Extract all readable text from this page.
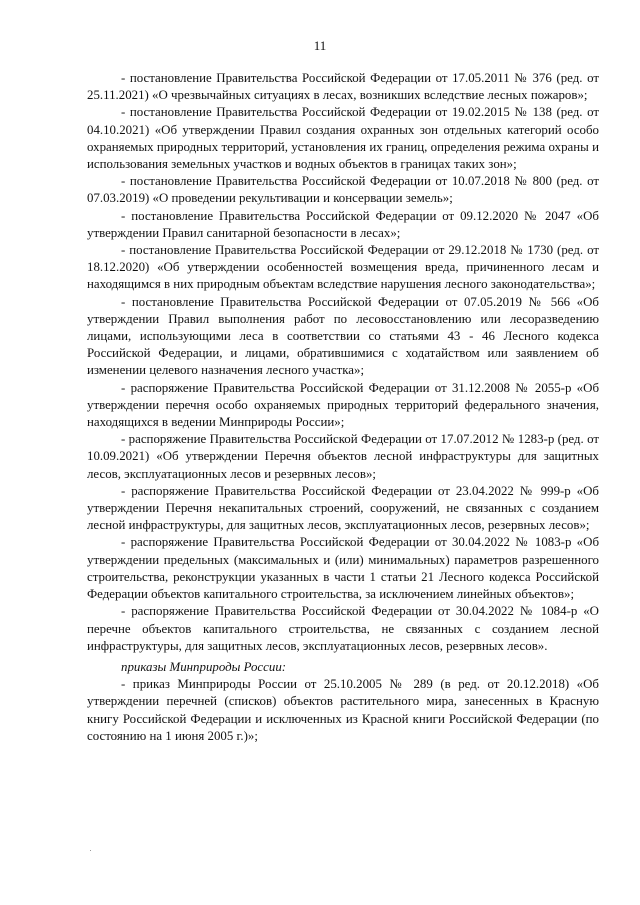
11

- постановление Правительства Российской Федерации от 17.05.2011 № 376 (ред. от 25.11.2021) «О чрезвычайных ситуациях в лесах, возникших вследствие лесных пожаров»;

- постановление Правительства Российской Федерации от 19.02.2015 № 138 (ред. от 04.10.2021) «Об утверждении Правил создания охранных зон отдельных категорий особо охраняемых природных территорий, установления их границ, определения режима охраны и использования земельных участков и водных объектов в границах таких зон»;

- постановление Правительства Российской Федерации от 10.07.2018 № 800 (ред. от 07.03.2019) «О проведении рекультивации и консервации земель»;

- постановление Правительства Российской Федерации от 09.12.2020 № 2047 «Об утверждении Правил санитарной безопасности в лесах»;

- постановление Правительства Российской Федерации от 29.12.2018 № 1730 (ред. от 18.12.2020) «Об утверждении особенностей возмещения вреда, причиненного лесам и находящимся в них природным объектам вследствие нарушения лесного законодательства»;

- постановление Правительства Российской Федерации от 07.05.2019 № 566 «Об утверждении Правил выполнения работ по лесовосстановлению или лесоразведению лицами, использующими леса в соответствии со статьями 43 - 46 Лесного кодекса Российской Федерации, и лицами, обратившимися с ходатайством или заявлением об изменении целевого назначения лесного участка»;

- распоряжение Правительства Российской Федерации от 31.12.2008 № 2055-р «Об утверждении перечня особо охраняемых природных территорий федерального значения, находящихся в ведении Минприроды России»;

- распоряжение Правительства Российской Федерации от 17.07.2012 № 1283-р (ред. от 10.09.2021) «Об утверждении Перечня объектов лесной инфраструктуры для защитных лесов, эксплуатационных лесов и резервных лесов»;

- распоряжение Правительства Российской Федерации от 23.04.2022 № 999-р «Об утверждении Перечня некапитальных строений, сооружений, не связанных с созданием лесной инфраструктуры, для защитных лесов, эксплуатационных лесов, резервных лесов»;

- распоряжение Правительства Российской Федерации от 30.04.2022 № 1083-р «Об утверждении предельных (максимальных и (или) минимальных) параметров разрешенного строительства, реконструкции указанных в части 1 статьи 21 Лесного кодекса Российской Федерации объектов капитального строительства, за исключением линейных объектов»;

- распоряжение Правительства Российской Федерации от 30.04.2022 № 1084-р «О перечне объектов капитального строительства, не связанных с созданием лесной инфраструктуры, для защитных лесов, эксплуатационных лесов, резервных лесов».

приказы Минприроды России:

- приказ Минприроды России от 25.10.2005 № 289 (в ред. от 20.12.2018) «Об утверждении перечней (списков) объектов растительного мира, занесенных в Красную книгу Российской Федерации и исключенных из Красной книги Российской Федерации (по состоянию на 1 июня 2005 г.)»;
